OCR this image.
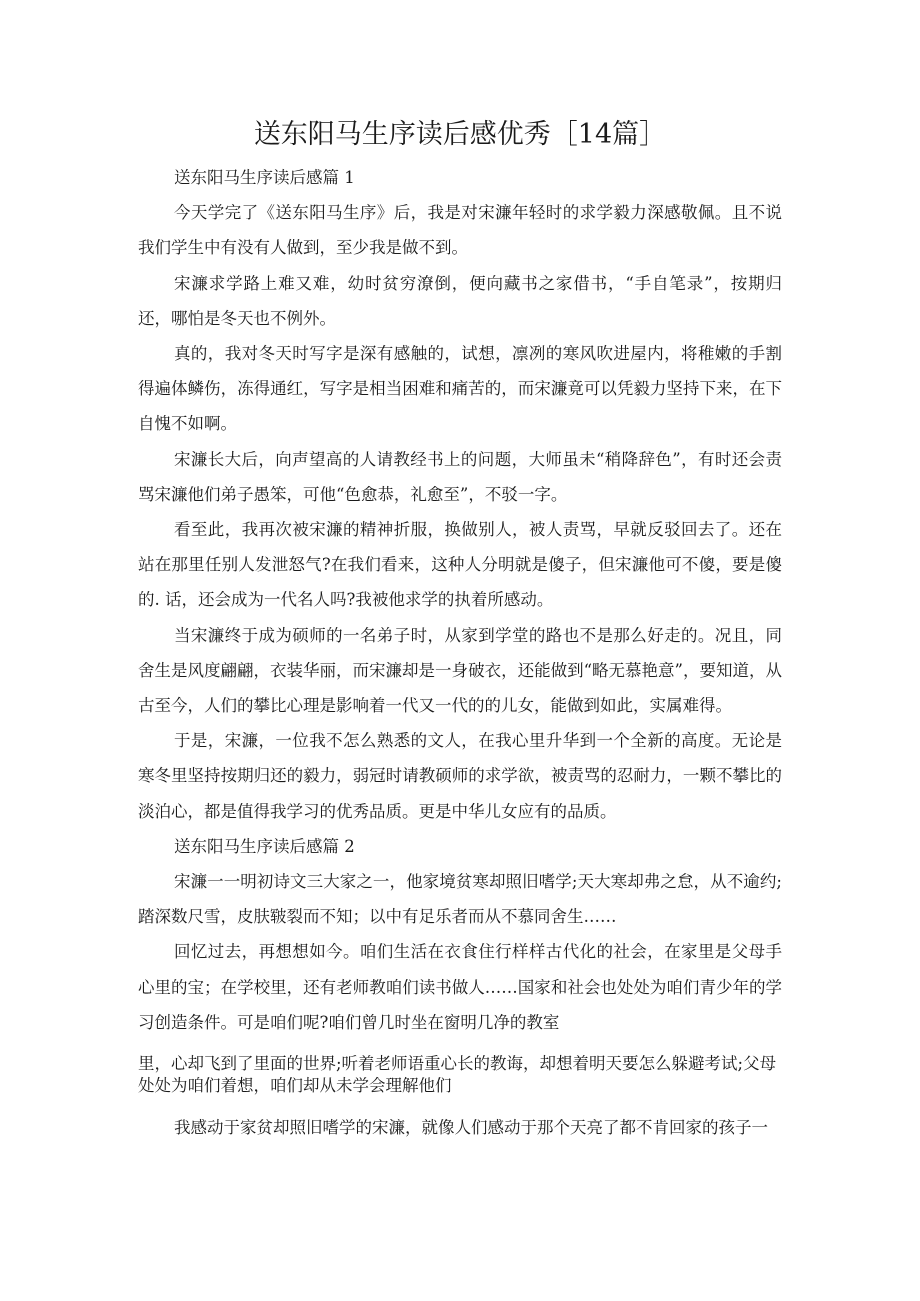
送东阳马生序读后感优秀［14篇］

送东阳马生序读后感篇 1

今天学完了《送东阳马生序》后，我是对宋濂年轻时的求学毅力深感敬佩。且不说我们学生中有没有人做到，至少我是做不到。

宋濂求学路上难又难，幼时贫穷潦倒，便向藏书之家借书，“手自笔录”，按期归还，哪怕是冬天也不例外。

真的，我对冬天时写字是深有感触的，试想，凛冽的寒风吹进屋内，将稚嫩的手割得遍体鳞伤，冻得通红，写字是相当困难和痛苦的，而宋濂竟可以凭毅力坚持下来，在下自愧不如啊。

宋濂长大后，向声望高的人请教经书上的问题，大师虽未“稍降辞色”，有时还会责骂宋濂他们弟子愚笨，可他“色愈恭，礼愈至”，不驳一字。

看至此，我再次被宋濂的精神折服，换做别人，被人责骂，早就反驳回去了。还在站在那里任别人发泄怒气?在我们看来，这种人分明就是傻子，但宋濂他可不傻，要是傻的. 话，还会成为一代名人吗?我被他求学的执着所感动。

当宋濂终于成为硕师的一名弟子时，从家到学堂的路也不是那么好走的。况且，同舍生是风度翩翩，衣装华丽，而宋濂却是一身破衣，还能做到“略无慕艳意”，要知道，从古至今，人们的攀比心理是影响着一代又一代的的儿女，能做到如此，实属难得。

于是，宋濂，一位我不怎么熟悉的文人，在我心里升华到一个全新的高度。无论是寒冬里坚持按期归还的毅力，弱冠时请教硕师的求学欲，被责骂的忍耐力，一颗不攀比的淡泊心，都是值得我学习的优秀品质。更是中华儿女应有的品质。

送东阳马生序读后感篇 2

宋濂一一明初诗文三大家之一，他家境贫寒却照旧嗜学;天大寒却弗之怠，从不逾约;踏深数尺雪，皮肤皲裂而不知；以中有足乐者而从不慕同舍生……

回忆过去，再想想如今。咱们生活在衣食住行样样古代化的社会，在家里是父母手心里的宝；在学校里，还有老师教咱们读书做人……国家和社会也处处为咱们青少年的学习创造条件。可是咱们呢?咱们曾几时坐在窗明几净的教室

里，心却飞到了里面的世界;听着老师语重心长的教诲，却想着明天要怎么躲避考试;父母处处为咱们着想，咱们却从未学会理解他们

我感动于家贫却照旧嗜学的宋濂，就像人们感动于那个天亮了都不肯回家的孩子一
